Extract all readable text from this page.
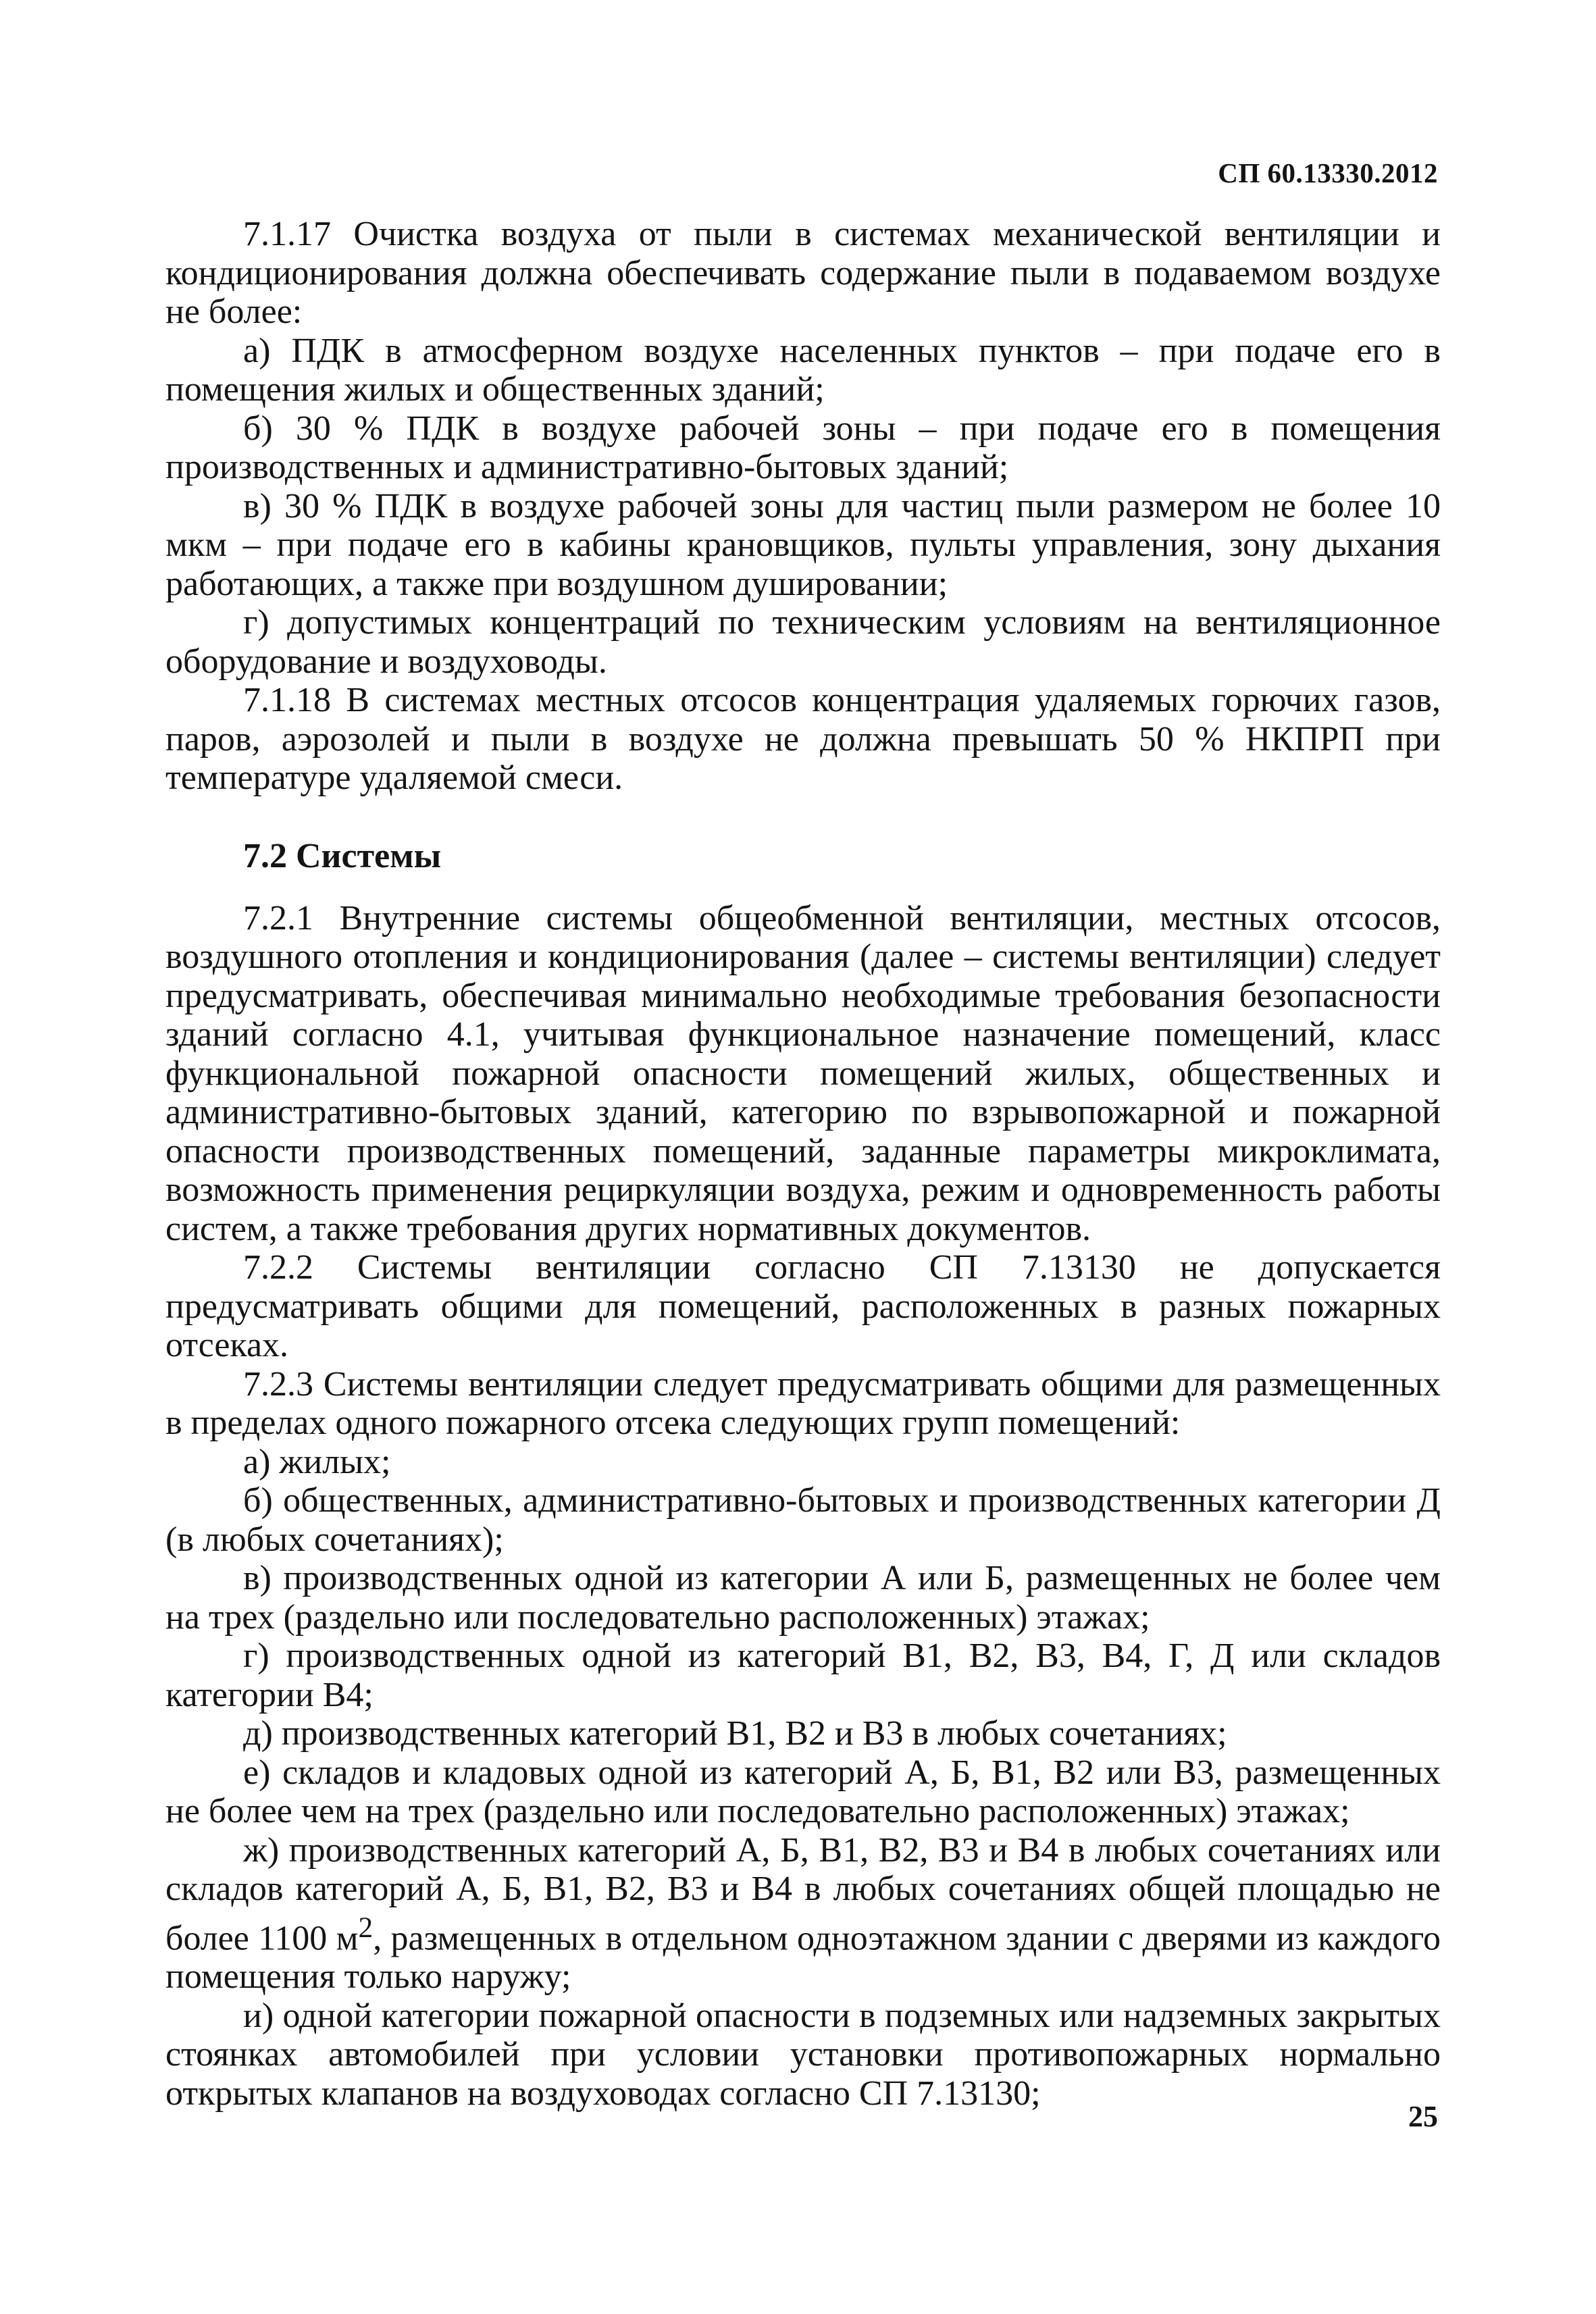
СП 60.13330.2012

7.1.17 Очистка воздуха от пыли в системах механической вентиляции и кондиционирования должна обеспечивать содержание пыли в подаваемом воздухе не более:

а) ПДК в атмосферном воздухе населенных пунктов – при подаче его в помещения жилых и общественных зданий;

б) 30 % ПДК в воздухе рабочей зоны – при подаче его в помещения производственных и административно-бытовых зданий;

в) 30 % ПДК в воздухе рабочей зоны для частиц пыли размером не более 10 мкм – при подаче его в кабины крановщиков, пульты управления, зону дыхания работающих, а также при воздушном душировании;

г) допустимых концентраций по техническим условиям на вентиляционное оборудование и воздуховоды.

7.1.18 В системах местных отсосов концентрация удаляемых горючих газов, паров, аэрозолей и пыли в воздухе не должна превышать 50 % НКПРП при температуре удаляемой смеси.

7.2 Системы

7.2.1 Внутренние системы общеобменной вентиляции, местных отсосов, воздушного отопления и кондиционирования (далее – системы вентиляции) следует предусматривать, обеспечивая минимально необходимые требования безопасности зданий согласно 4.1, учитывая функциональное назначение помещений, класс функциональной пожарной опасности помещений жилых, общественных и административно-бытовых зданий, категорию по взрывопожарной и пожарной опасности производственных помещений, заданные параметры микроклимата, возможность применения рециркуляции воздуха, режим и одновременность работы систем, а также требования других нормативных документов.

7.2.2 Системы вентиляции согласно СП 7.13130 не допускается предусматривать общими для помещений, расположенных в разных пожарных отсеках.

7.2.3 Системы вентиляции следует предусматривать общими для размещенных в пределах одного пожарного отсека следующих групп помещений:

а) жилых;

б) общественных, административно-бытовых и производственных категории Д (в любых сочетаниях);

в) производственных одной из категории А или Б, размещенных не более чем на трех (раздельно или последовательно расположенных) этажах;

г) производственных одной из категорий В1, В2, В3, В4, Г, Д или складов категории В4;

д) производственных категорий В1, В2 и В3 в любых сочетаниях;

е) складов и кладовых одной из категорий А, Б, В1, В2 или В3, размещенных не более чем на трех (раздельно или последовательно расположенных) этажах;

ж) производственных категорий А, Б, В1, В2, В3 и В4 в любых сочетаниях или складов категорий А, Б, В1, В2, В3 и В4 в любых сочетаниях общей площадью не более 1100 $м^2$, размещенных в отдельном одноэтажном здании с дверями из каждого помещения только наружу;

и) одной категории пожарной опасности в подземных или надземных закрытых стоянках автомобилей при условии установки противопожарных нормально открытых клапанов на воздуховодах согласно СП 7.13130;

25
